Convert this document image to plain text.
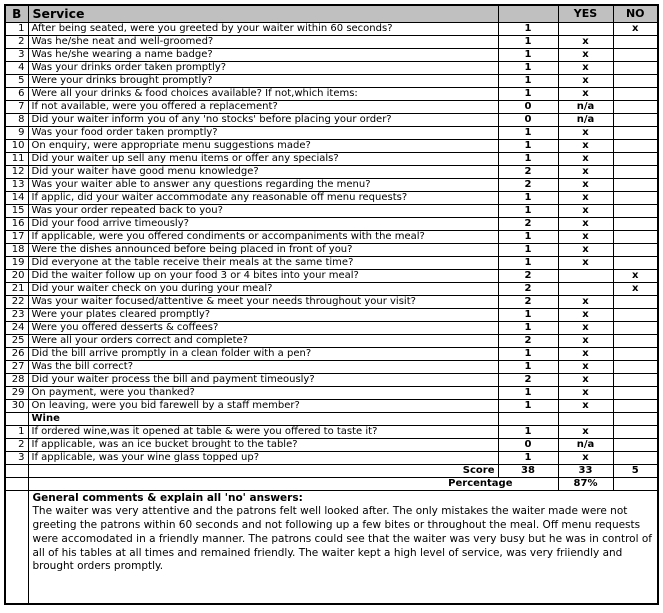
B	Service		YES	NO
1	After being seated, were you greeted by your waiter within 60 seconds?	1		x
2	Was he/she neat and well-groomed?	1	x	
3	Was he/she wearing a name badge?	1	x	
4	Was your drinks order taken promptly?	1	x	
5	Were your drinks brought promptly?	1	x	
6	Were all your drinks & food choices available? If not,which items:	1	x	
7	If not available, were you offered a replacement?	0	n/a	
8	Did your waiter inform you of any 'no stocks' before placing your order?	0	n/a	
9	Was your food order taken promptly?	1	x	
10	On enquiry, were appropriate menu suggestions made?	1	x	
11	Did your waiter up sell any menu items or offer any specials?	1	x	
12	Did your waiter have good menu knowledge?	2	x	
13	Was your waiter able to answer any questions regarding the menu?	2	x	
14	If applic, did your waiter accommodate any reasonable off menu requests?	1	x	
15	Was your order repeated back to you?	1	x	
16	Did your food arrive timeously?	2	x	
17	If applicable, were you offered condiments or accompaniments with the meal?	1	x	
18	Were the dishes announced before being placed in front of you?	1	x	
19	Did everyone at the table receive their meals at the same time?	1	x	
20	Did the waiter follow up on your food 3 or 4 bites into your meal?	2		x
21	Did your waiter check on you during your meal?	2		x
22	Was your waiter focused/attentive & meet your needs throughout your visit?	2	x	
23	Were your plates cleared promptly?	1	x	
24	Were you offered desserts & coffees?	1	x	
25	Were all your orders correct and complete?	2	x	
26	Did the bill arrive promptly in a clean folder with a pen?	1	x	
27	Was the bill correct?	1	x	
28	Did your waiter process the bill and payment timeously?	2	x	
29	On payment, were you thanked?	1	x	
30	On leaving, were you bid farewell by a staff member?	1	x	
	Wine			
1	If ordered wine,was it opened at table & were you offered to taste it?	1	x	
2	If applicable, was an ice bucket brought to the table?	0	n/a	
3	If applicable, was your wine glass topped up?	1	x	
	Score	38	33	5
	Percentage		87%	

	General comments & explain all 'no' answers:
The waiter was very attentive and the patrons felt well looked after. The only mistakes the waiter made were not greeting the patrons within 60 seconds and not following up a few bites or throughout the meal. Off menu requests were accomodated in a friendly manner. The patrons could see that the waiter was very busy but he was in control of all of his tables at all times and remained friendly. The waiter kept a high level of service, was very friiendly and brought orders promptly.			
